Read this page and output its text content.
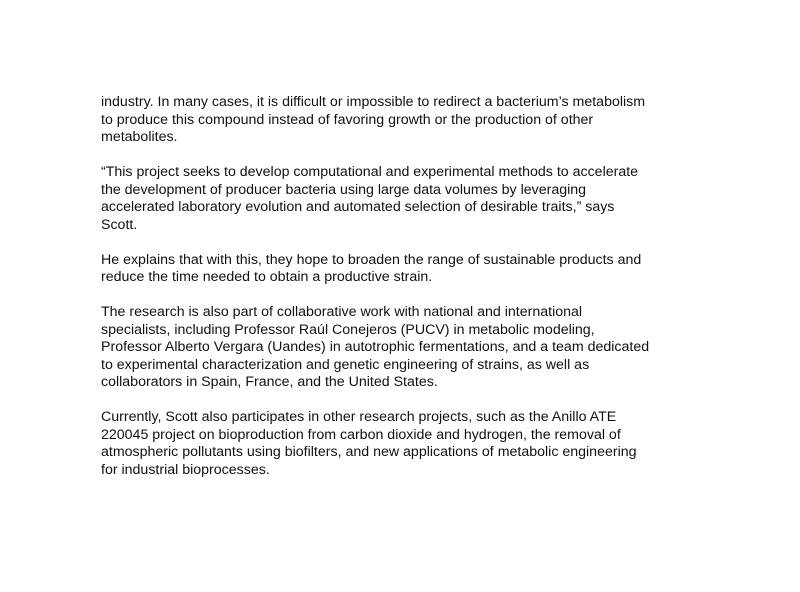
industry. In many cases, it is difficult or impossible to redirect a bacterium’s metabolism
to produce this compound instead of favoring growth or the production of other
metabolites.

“This project seeks to develop computational and experimental methods to accelerate
the development of producer bacteria using large data volumes by leveraging
accelerated laboratory evolution and automated selection of desirable traits,” says
Scott.

He explains that with this, they hope to broaden the range of sustainable products and
reduce the time needed to obtain a productive strain.

The research is also part of collaborative work with national and international
specialists, including Professor Raúl Conejeros (PUCV) in metabolic modeling,
Professor Alberto Vergara (Uandes) in autotrophic fermentations, and a team dedicated
to experimental characterization and genetic engineering of strains, as well as
collaborators in Spain, France, and the United States.

Currently, Scott also participates in other research projects, such as the Anillo ATE
220045 project on bioproduction from carbon dioxide and hydrogen, the removal of
atmospheric pollutants using biofilters, and new applications of metabolic engineering
for industrial bioprocesses.
